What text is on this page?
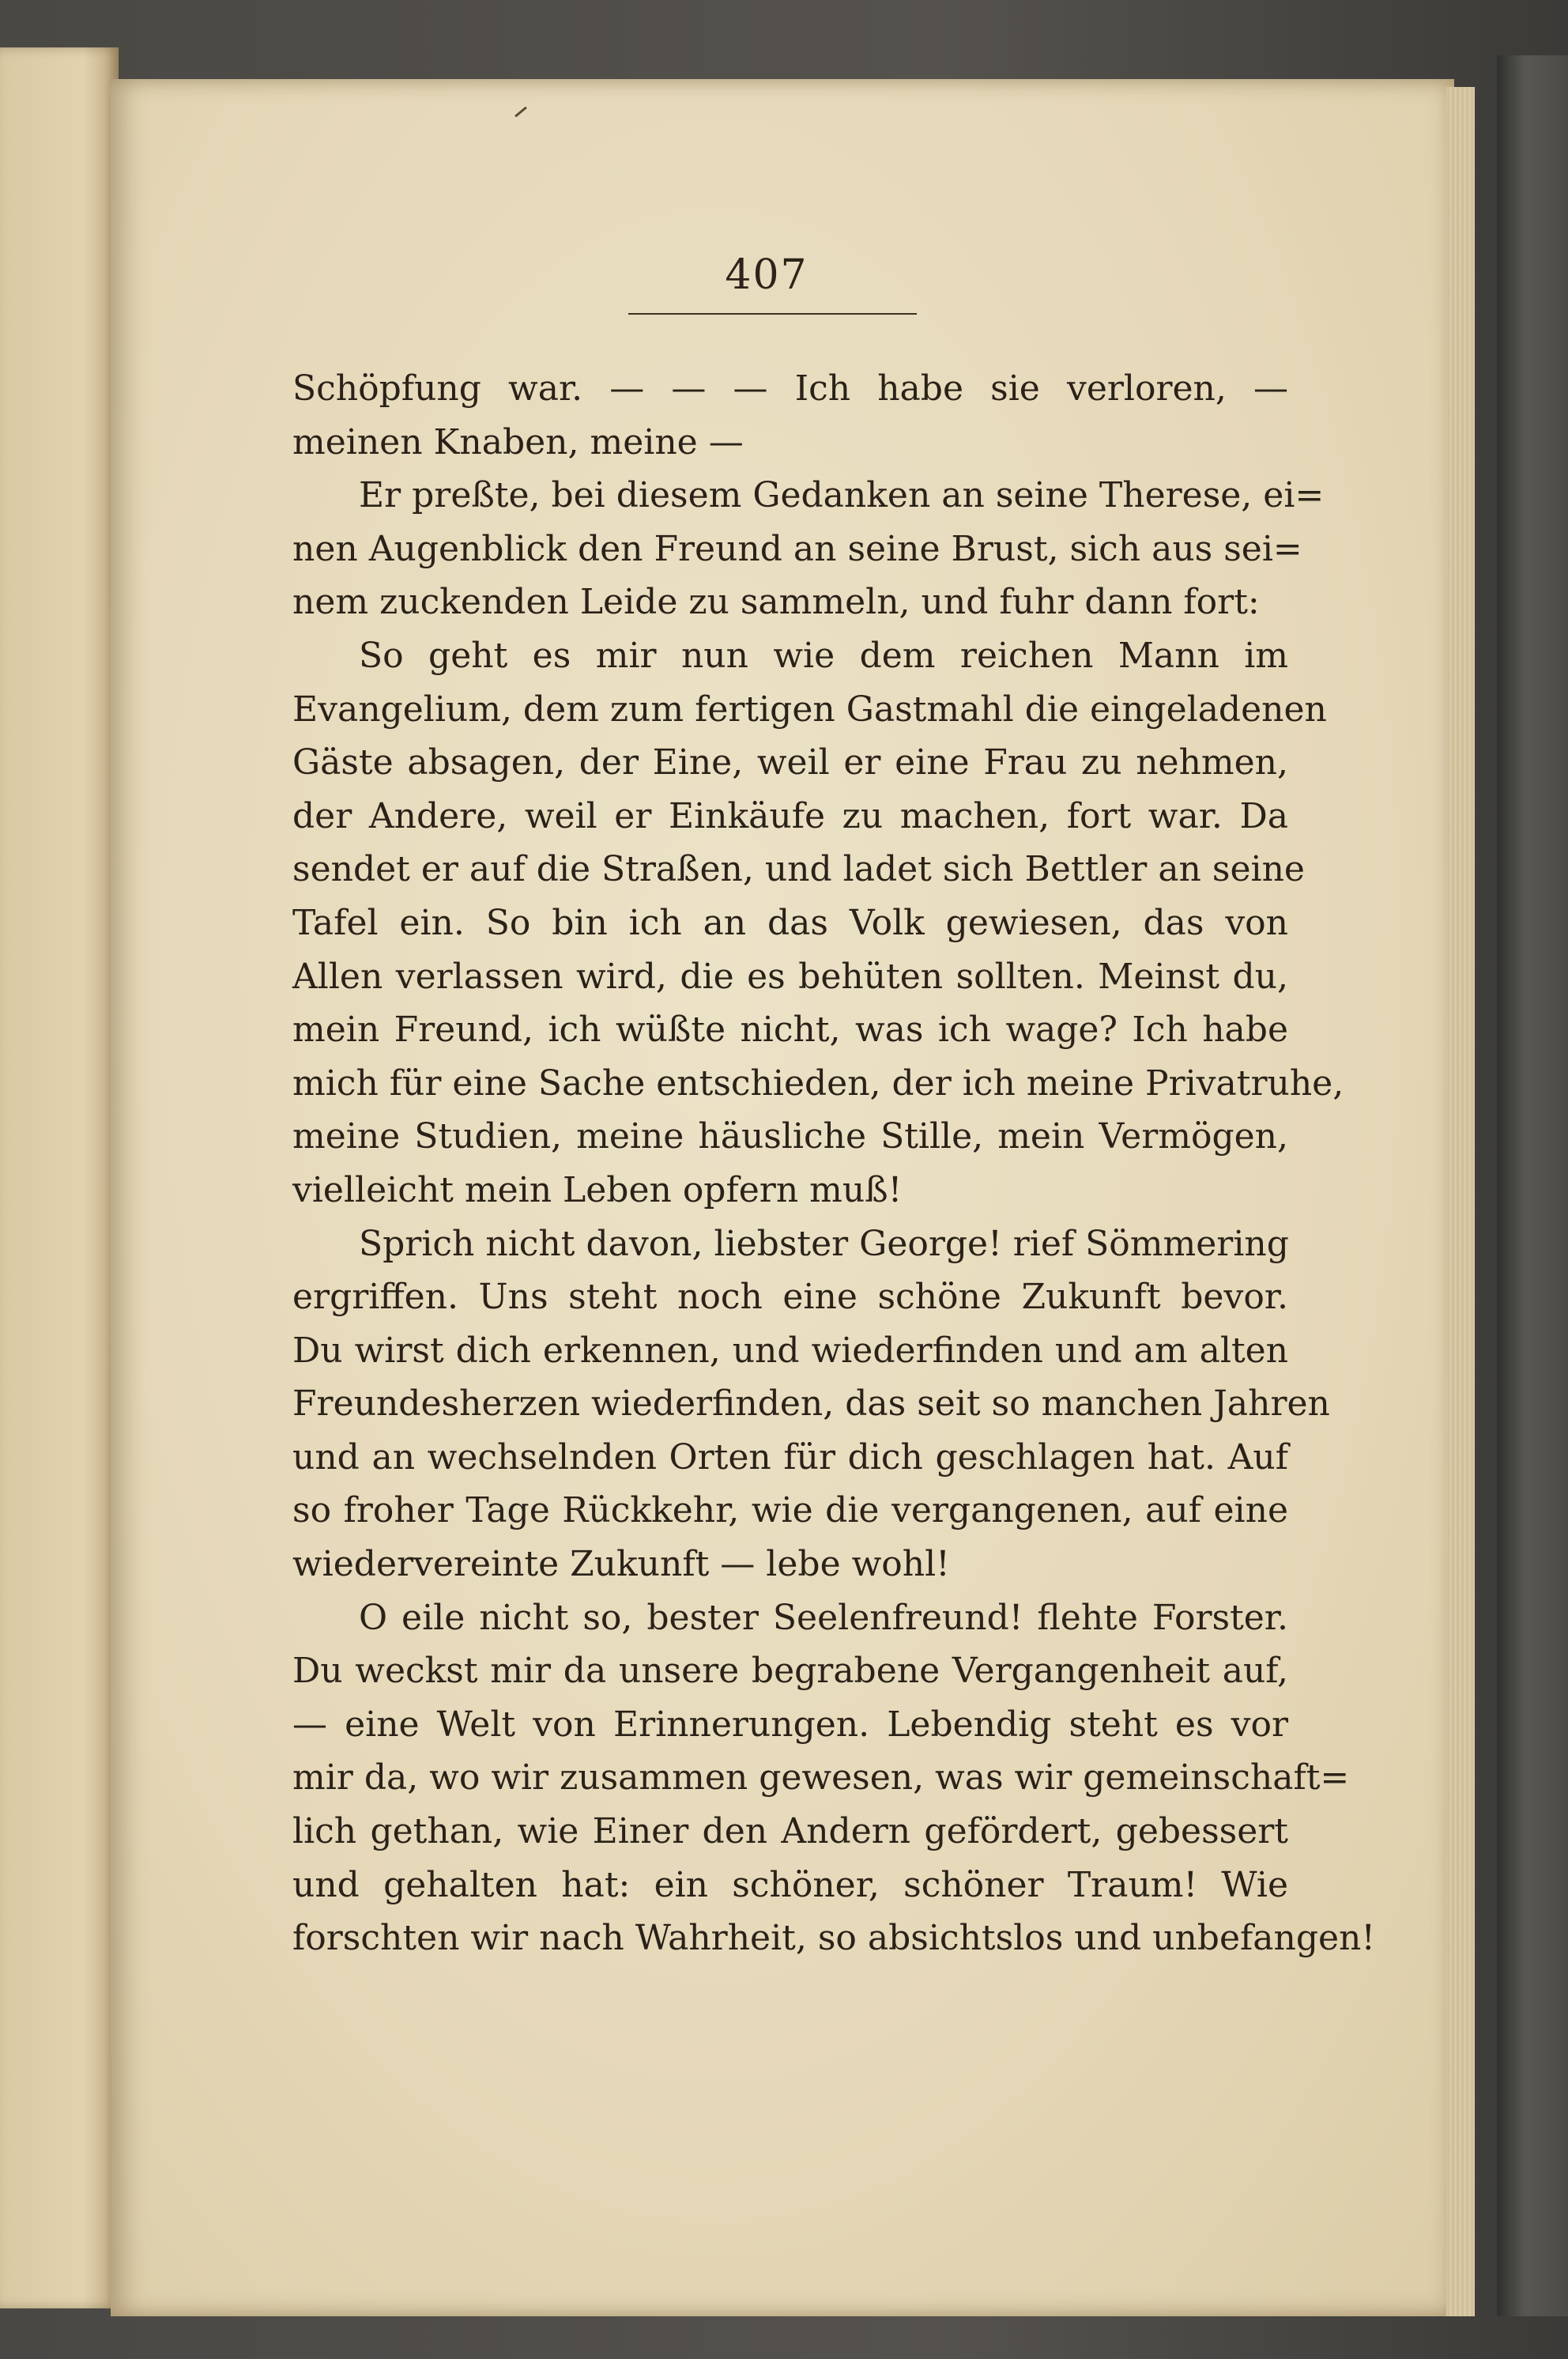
407
Schöpfung war. — — — Ich habe sie verloren, —
meinen Knaben, meine —
Er preßte, bei diesem Gedanken an seine Therese, ei=
nen Augenblick den Freund an seine Brust, sich aus sei=
nem zuckenden Leide zu sammeln, und fuhr dann fort:
So geht es mir nun wie dem reichen Mann im
Evangelium, dem zum fertigen Gastmahl die eingeladenen
Gäste absagen, der Eine, weil er eine Frau zu nehmen,
der Andere, weil er Einkäufe zu machen, fort war. Da
sendet er auf die Straßen, und ladet sich Bettler an seine
Tafel ein. So bin ich an das Volk gewiesen, das von
Allen verlassen wird, die es behüten sollten. Meinst du,
mein Freund, ich wüßte nicht, was ich wage? Ich habe
mich für eine Sache entschieden, der ich meine Privatruhe,
meine Studien, meine häusliche Stille, mein Vermögen,
vielleicht mein Leben opfern muß!
Sprich nicht davon, liebster George! rief Sömmering
ergriffen. Uns steht noch eine schöne Zukunft bevor.
Du wirst dich erkennen, und wiederfinden und am alten
Freundesherzen wiederfinden, das seit so manchen Jahren
und an wechselnden Orten für dich geschlagen hat. Auf
so froher Tage Rückkehr, wie die vergangenen, auf eine
wiedervereinte Zukunft — lebe wohl!
O eile nicht so, bester Seelenfreund! flehte Forster.
Du weckst mir da unsere begrabene Vergangenheit auf,
— eine Welt von Erinnerungen. Lebendig steht es vor
mir da, wo wir zusammen gewesen, was wir gemeinschaft=
lich gethan, wie Einer den Andern gefördert, gebessert
und gehalten hat: ein schöner, schöner Traum! Wie
forschten wir nach Wahrheit, so absichtslos und unbefangen!
